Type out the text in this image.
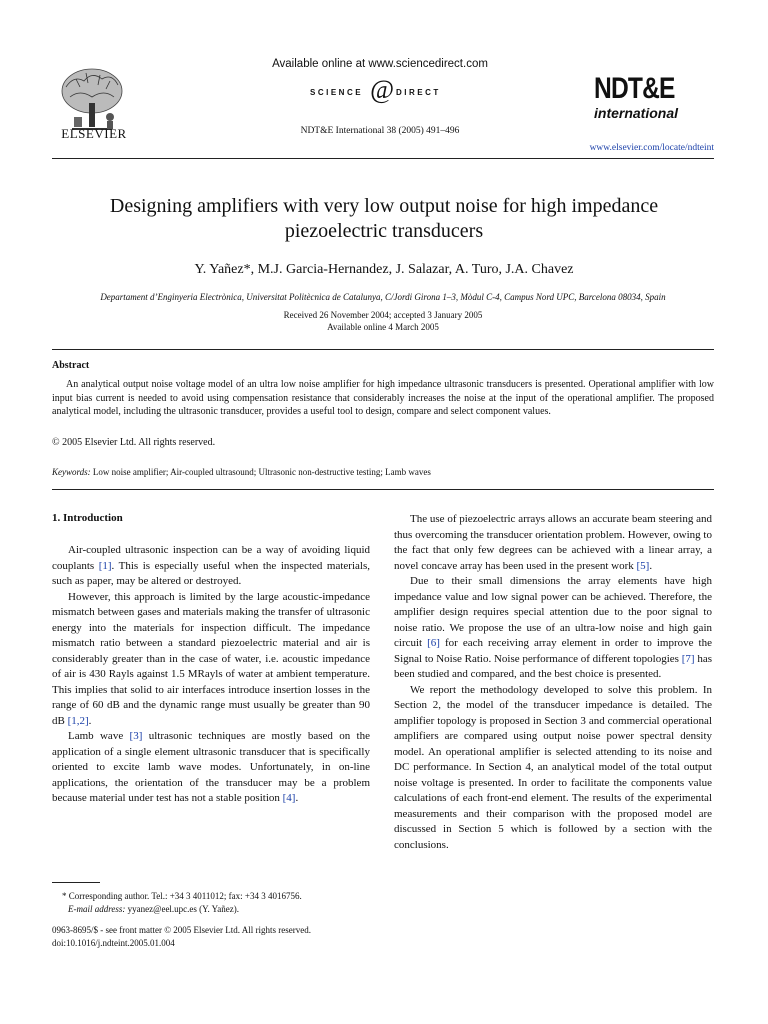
ELSEVIER
Available online at www.sciencedirect.com
SCIENCE @ DIRECT
NDT&E International 38 (2005) 491–496
NDT&E
international
www.elsevier.com/locate/ndteint
Designing amplifiers with very low output noise for high impedance
piezoelectric transducers
Y. Yañez*, M.J. Garcia-Hernandez, J. Salazar, A. Turo, J.A. Chavez
Departament d’Enginyeria Electrònica, Universitat Politècnica de Catalunya, C/Jordi Girona 1–3, Mòdul C-4, Campus Nord UPC, Barcelona 08034, Spain
Received 26 November 2004; accepted 3 January 2005
Available online 4 March 2005
Abstract
An analytical output noise voltage model of an ultra low noise amplifier for high impedance ultrasonic transducers is presented. Operational amplifier with low input bias current is needed to avoid using compensation resistance that considerably increases the noise at the input of the operational amplifier. The proposed analytical model, including the ultrasonic transducer, provides a useful tool to design, compare and select component values.
© 2005 Elsevier Ltd. All rights reserved.
Keywords: Low noise amplifier; Air-coupled ultrasound; Ultrasonic non-destructive testing; Lamb waves
1. Introduction

Air-coupled ultrasonic inspection can be a way of avoiding liquid couplants [1]. This is especially useful when the inspected materials, such as paper, may be altered or destroyed.

However, this approach is limited by the large acoustic-impedance mismatch between gases and materials making the transfer of ultrasonic energy into the materials for inspection difficult. The impedance mismatch ratio between a standard piezoelectric material and air is considerably greater than in the case of water, i.e. acoustic impedance of air is 430 Rayls against 1.5 MRayls of water at ambient temperature. This implies that solid to air interfaces introduce insertion losses in the range of 60 dB and the dynamic range must usually be greater than 90 dB [1,2].

Lamb wave [3] ultrasonic techniques are mostly based on the application of a single element ultrasonic transducer that is specifically oriented to excite lamb wave modes. Unfortunately, in on-line applications, the orientation of the transducer may be a problem because material under test has not a stable position [4].

The use of piezoelectric arrays allows an accurate beam steering and thus overcoming the transducer orientation problem. However, owing to the fact that only few degrees can be achieved with a linear array, a novel concave array has been used in the present work [5].

Due to their small dimensions the array elements have high impedance value and low signal power can be achieved. Therefore, the amplifier design requires special attention due to the poor signal to noise ratio. We propose the use of an ultra-low noise and high gain circuit [6] for each receiving array element in order to improve the Signal to Noise Ratio. Noise performance of different topologies [7] has been studied and compared, and the best choice is presented.

We report the methodology developed to solve this problem. In Section 2, the model of the transducer impedance is detailed. The amplifier topology is proposed in Section 3 and commercial operational amplifiers are compared using output noise power spectral density model. An operational amplifier is selected attending to its noise and DC performance. In Section 4, an analytical model of the total output noise voltage is presented. In order to facilitate the components value calculations of each front-end element. The results of the experimental measurements and their comparison with the proposed model are discussed in Section 5 which is followed by a section with the conclusions.

* Corresponding author. Tel.: +34 3 4011012; fax: +34 3 4016756.
E-mail address: yyanez@eel.upc.es (Y. Yañez).
0963-8695/$ - see front matter © 2005 Elsevier Ltd. All rights reserved.
doi:10.1016/j.ndteint.2005.01.004
